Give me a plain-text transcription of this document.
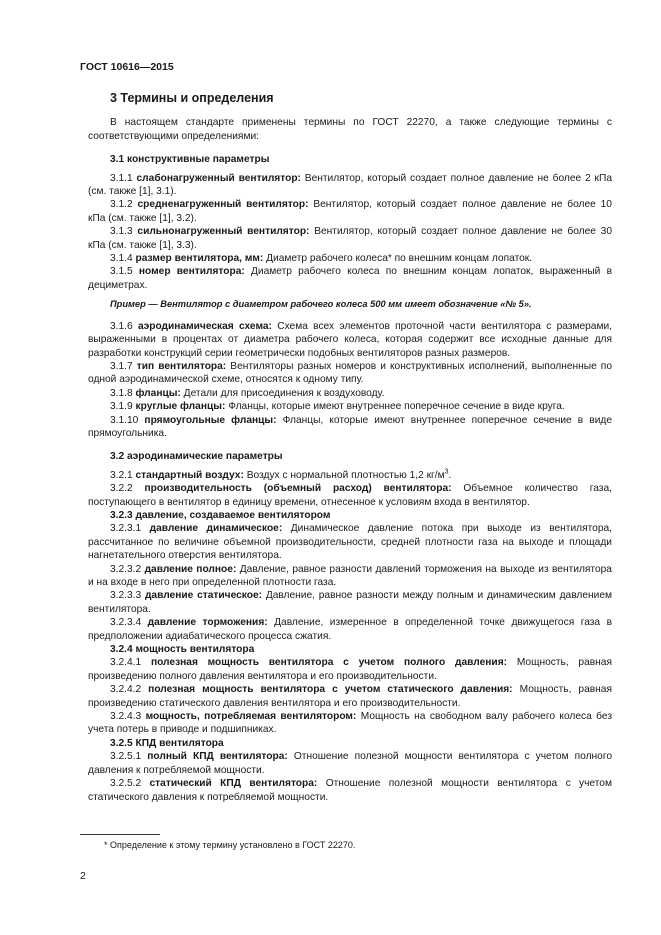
ГОСТ 10616—2015
3 Термины и определения

В настоящем стандарте применены термины по ГОСТ 22270, а также следующие термины с соответствующими определениями:

3.1 конструктивные параметры

3.1.1 слабонагруженный вентилятор: Вентилятор, который создает полное давление не более 2 кПа (см. также [1], 3.1).

3.1.2 средненагруженный вентилятор: Вентилятор, который создает полное давление не более 10 кПа (см. также [1], 3.2).

3.1.3 сильнонагруженный вентилятор: Вентилятор, который создает полное давление не более 30 кПа (см. также [1], 3.3).

3.1.4 размер вентилятора, мм: Диаметр рабочего колеса* по внешним концам лопаток.

3.1.5 номер вентилятора: Диаметр рабочего колеса по внешним концам лопаток, выраженный в дециметрах.

Пример — Вентилятор с диаметром рабочего колеса 500 мм имеет обозначение «№ 5».

3.1.6 аэродинамическая схема: Схема всех элементов проточной части вентилятора с размерами, выраженными в процентах от диаметра рабочего колеса, которая содержит все исходные данные для разработки конструкций серии геометрически подобных вентиляторов разных размеров.

3.1.7 тип вентилятора: Вентиляторы разных номеров и конструктивных исполнений, выполненные по одной аэродинамической схеме, относятся к одному типу.

3.1.8 фланцы: Детали для присоединения к воздуховоду.

3.1.9 круглые фланцы: Фланцы, которые имеют внутреннее поперечное сечение в виде круга.

3.1.10 прямоугольные фланцы: Фланцы, которые имеют внутреннее поперечное сечение в виде прямоугольника.

3.2 аэродинамические параметры

3.2.1 стандартный воздух: Воздух с нормальной плотностью 1,2 $кг/м^3$.

3.2.2 производительность (объемный расход) вентилятора: Объемное количество газа, поступающего в вентилятор в единицу времени, отнесенное к условиям входа в вентилятор.

3.2.3 давление, создаваемое вентилятором

3.2.3.1 давление динамическое: Динамическое давление потока при выходе из вентилятора, рассчитанное по величине объемной производительности, средней плотности газа на выходе и площади нагнетательного отверстия вентилятора.

3.2.3.2 давление полное: Давление, равное разности давлений торможения на выходе из вентилятора и на входе в него при определенной плотности газа.

3.2.3.3 давление статическое: Давление, равное разности между полным и динамическим давлением вентилятора.

3.2.3.4 давление торможения: Давление, измеренное в определенной точке движущегося газа в предположении адиабатического процесса сжатия.

3.2.4 мощность вентилятора

3.2.4.1 полезная мощность вентилятора с учетом полного давления: Мощность, равная произведению полного давления вентилятора и его производительности.

3.2.4.2 полезная мощность вентилятора с учетом статического давления: Мощность, равная произведению статического давления вентилятора и его производительности.

3.2.4.3 мощность, потребляемая вентилятором: Мощность на свободном валу рабочего колеса без учета потерь в приводе и подшипниках.

3.2.5 КПД вентилятора

3.2.5.1 полный КПД вентилятора: Отношение полезной мощности вентилятора с учетом полного давления к потребляемой мощности.

3.2.5.2 статический КПД вентилятора: Отношение полезной мощности вентилятора с учетом статического давления к потребляемой мощности.

* Определение к этому термину установлено в ГОСТ 22270.
2
